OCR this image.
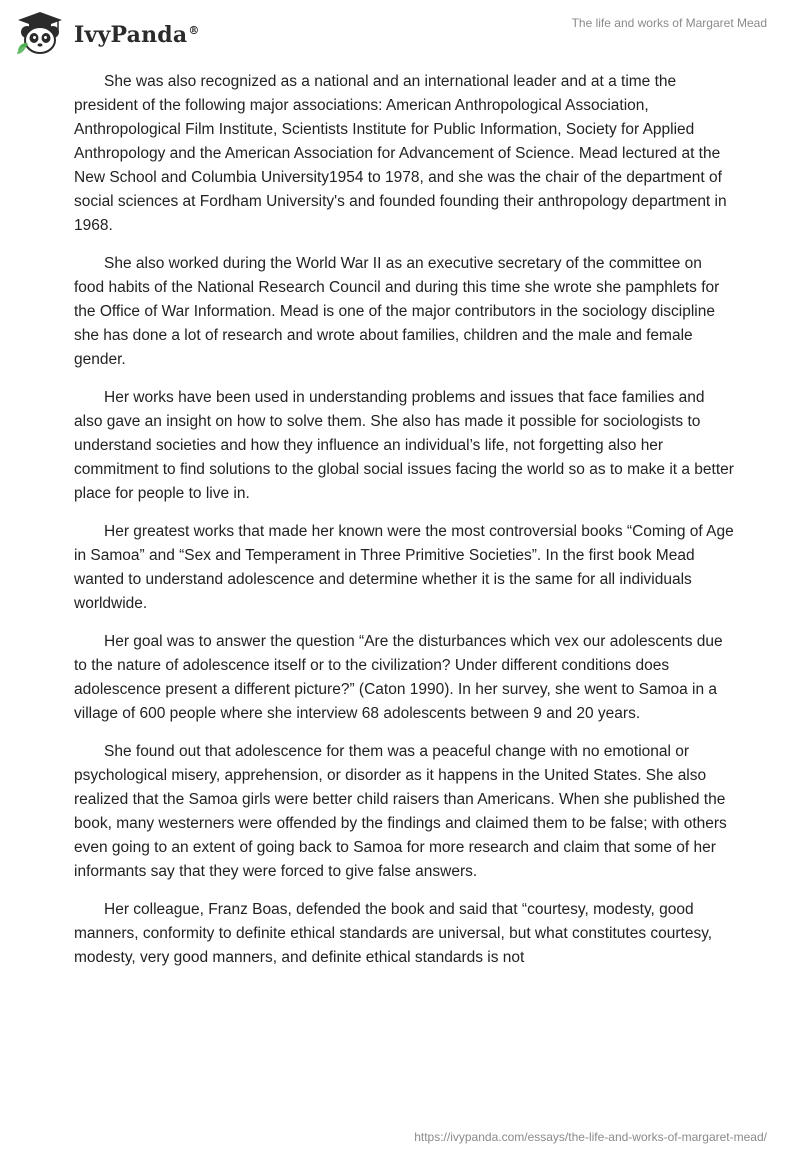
IvyPanda®
The life and works of Margaret Mead

She was also recognized as a national and an international leader and at a time the president of the following major associations: American Anthropological Association, Anthropological Film Institute, Scientists Institute for Public Information, Society for Applied Anthropology and the American Association for Advancement of Science. Mead lectured at the New School and Columbia University1954 to 1978, and she was the chair of the department of social sciences at Fordham University's and founded founding their anthropology department in 1968.

She also worked during the World War II as an executive secretary of the committee on food habits of the National Research Council and during this time she wrote she pamphlets for the Office of War Information. Mead is one of the major contributors in the sociology discipline she has done a lot of research and wrote about families, children and the male and female gender.

Her works have been used in understanding problems and issues that face families and also gave an insight on how to solve them. She also has made it possible for sociologists to understand societies and how they influence an individual’s life, not forgetting also her commitment to find solutions to the global social issues facing the world so as to make it a better place for people to live in.

Her greatest works that made her known were the most controversial books “Coming of Age in Samoa” and “Sex and Temperament in Three Primitive Societies”. In the first book Mead wanted to understand adolescence and determine whether it is the same for all individuals worldwide.

Her goal was to answer the question “Are the disturbances which vex our adolescents due to the nature of adolescence itself or to the civilization? Under different conditions does adolescence present a different picture?” (Caton 1990). In her survey, she went to Samoa in a village of 600 people where she interview 68 adolescents between 9 and 20 years.

She found out that adolescence for them was a peaceful change with no emotional or psychological misery, apprehension, or disorder as it happens in the United States. She also realized that the Samoa girls were better child raisers than Americans. When she published the book, many westerners were offended by the findings and claimed them to be false; with others even going to an extent of going back to Samoa for more research and claim that some of her informants say that they were forced to give false answers.

Her colleague, Franz Boas, defended the book and said that “courtesy, modesty, good manners, conformity to definite ethical standards are universal, but what constitutes courtesy, modesty, very good manners, and definite ethical standards is not

https://ivypanda.com/essays/the-life-and-works-of-margaret-mead/
